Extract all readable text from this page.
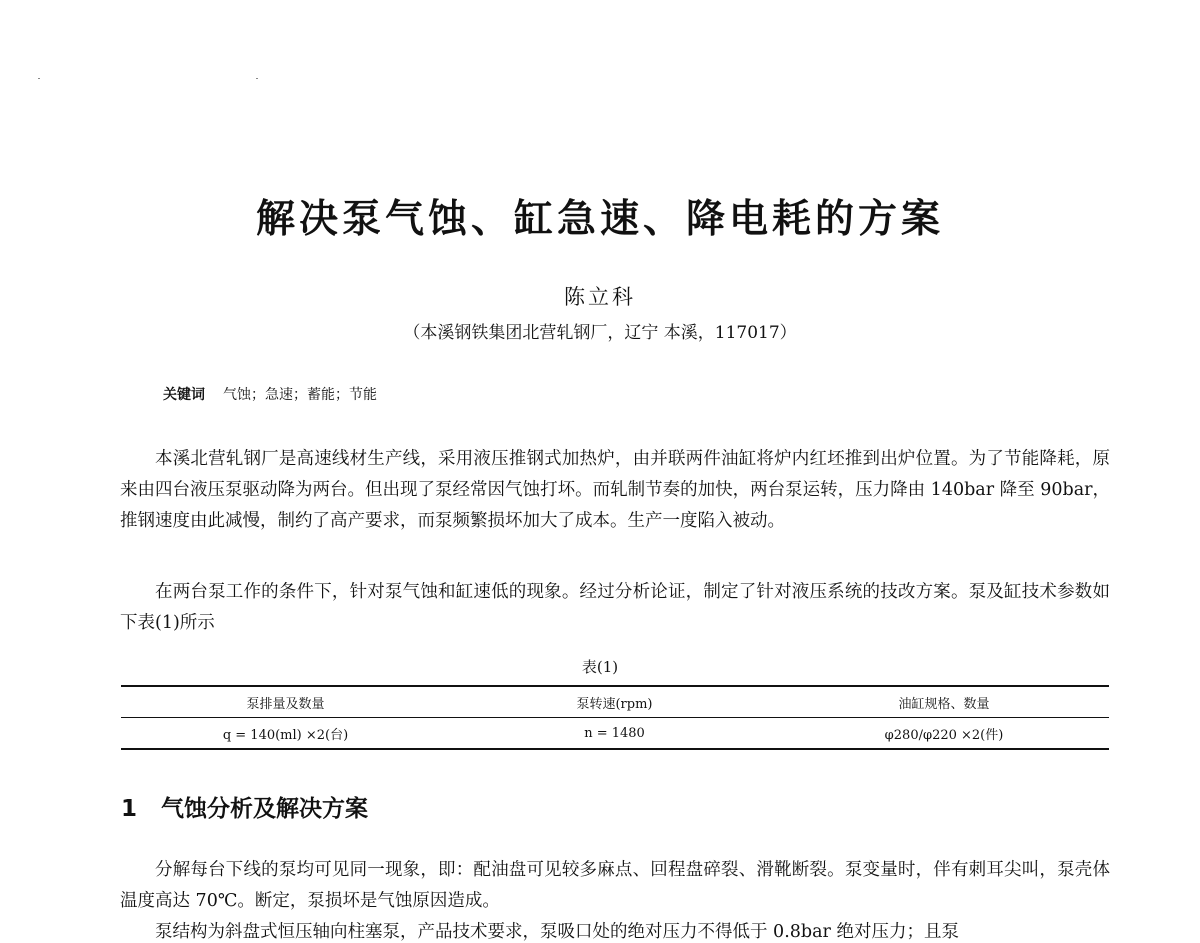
解决泵气蚀、缸急速、降电耗的方案

陈立科

（本溪钢铁集团北营轧钢厂，辽宁 本溪，117017）

关键词 气蚀；急速；蓄能；节能

本溪北营轧钢厂是高速线材生产线，采用液压推钢式加热炉，由并联两件油缸将炉内红坯推到出炉位置。为了节能降耗，原来由四台液压泵驱动降为两台。但出现了泵经常因气蚀打坏。而轧制节奏的加快，两台泵运转，压力降由 140bar 降至 90bar，推钢速度由此减慢，制约了高产要求，而泵频繁损坏加大了成本。生产一度陷入被动。

在两台泵工作的条件下，针对泵气蚀和缸速低的现象。经过分析论证，制定了针对液压系统的技改方案。泵及缸技术参数如下表(1)所示

表(1)

泵排量及数量	泵转速(rpm)	油缸规格、数量
q = 140(ml) ×2(台)	n = 1480	φ280/φ220 ×2(件)
1 气蚀分析及解决方案

分解每台下线的泵均可见同一现象，即：配油盘可见较多麻点、回程盘碎裂、滑靴断裂。泵变量时，伴有刺耳尖叫，泵壳体温度高达 70℃。断定，泵损坏是气蚀原因造成。

泵结构为斜盘式恒压轴向柱塞泵，产品技术要求，泵吸口处的绝对压力不得低于 0.8bar 绝对压力；且泵
